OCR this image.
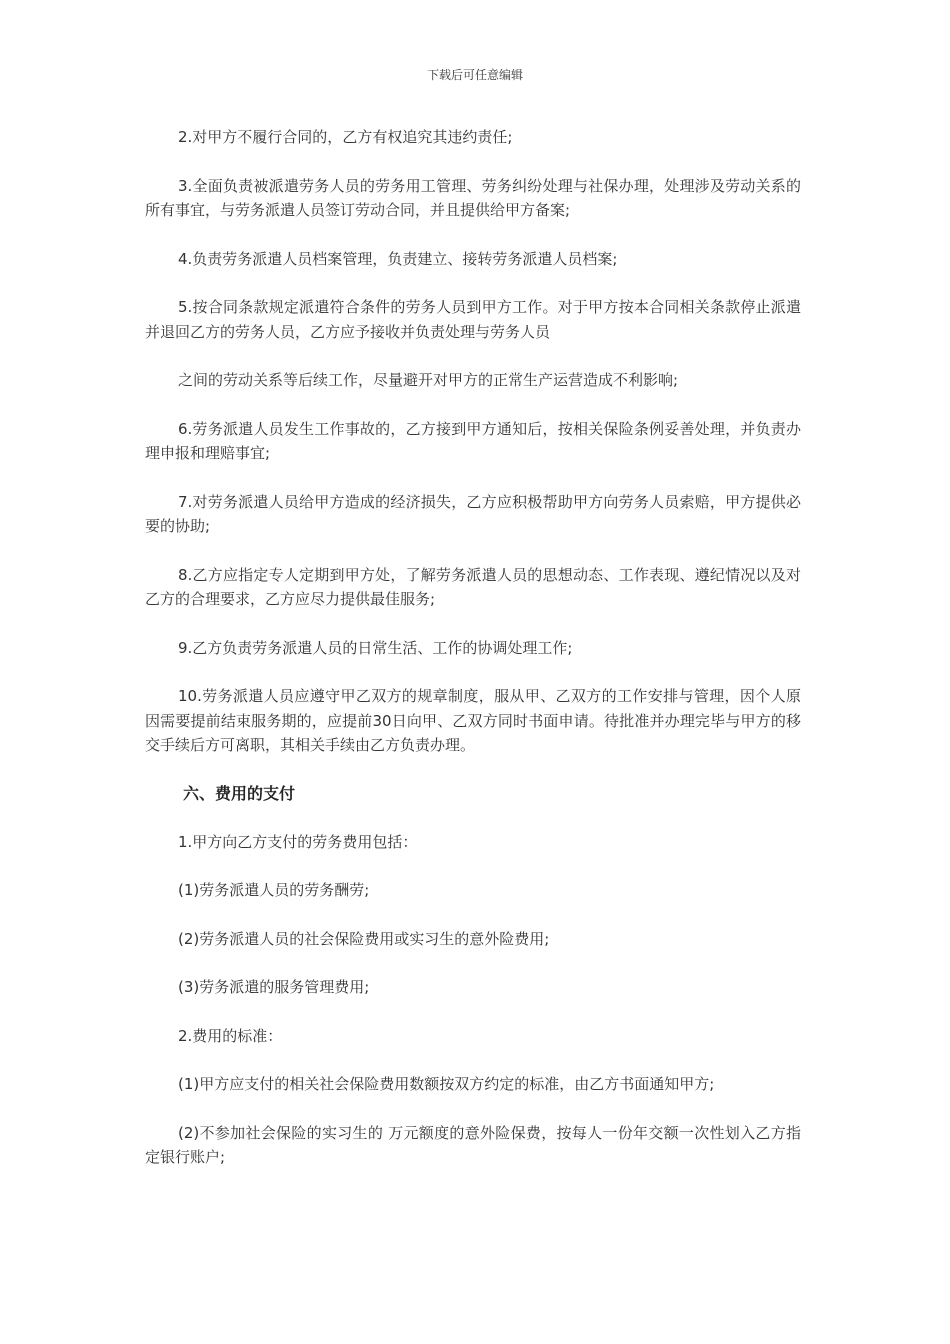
下载后可任意编辑

2.对甲方不履行合同的，乙方有权追究其违约责任;

3.全面负责被派遣劳务人员的劳务用工管理、劳务纠纷处理与社保办理，处理涉及劳动关系的所有事宜，与劳务派遣人员签订劳动合同，并且提供给甲方备案;

4.负责劳务派遣人员档案管理，负责建立、接转劳务派遣人员档案;

5.按合同条款规定派遣符合条件的劳务人员到甲方工作。对于甲方按本合同相关条款停止派遣并退回乙方的劳务人员，乙方应予接收并负责处理与劳务人员

之间的劳动关系等后续工作，尽量避开对甲方的正常生产运营造成不利影响;

6.劳务派遣人员发生工作事故的，乙方接到甲方通知后，按相关保险条例妥善处理，并负责办理申报和理赔事宜;

7.对劳务派遣人员给甲方造成的经济损失，乙方应积极帮助甲方向劳务人员索赔，甲方提供必要的协助;

8.乙方应指定专人定期到甲方处，了解劳务派遣人员的思想动态、工作表现、遵纪情况以及对乙方的合理要求，乙方应尽力提供最佳服务;

9.乙方负责劳务派遣人员的日常生活、工作的协调处理工作;

10.劳务派遣人员应遵守甲乙双方的规章制度，服从甲、乙双方的工作安排与管理，因个人原因需要提前结束服务期的，应提前30日向甲、乙双方同时书面申请。待批准并办理完毕与甲方的移交手续后方可离职，其相关手续由乙方负责办理。

六、费用的支付

1.甲方向乙方支付的劳务费用包括：

(1)劳务派遣人员的劳务酬劳;

(2)劳务派遣人员的社会保险费用或实习生的意外险费用;

(3)劳务派遣的服务管理费用;

2.费用的标准：

(1)甲方应支付的相关社会保险费用数额按双方约定的标准，由乙方书面通知甲方;

(2)不参加社会保险的实习生的 万元额度的意外险保费，按每人一份年交额一次性划入乙方指定银行账户;
